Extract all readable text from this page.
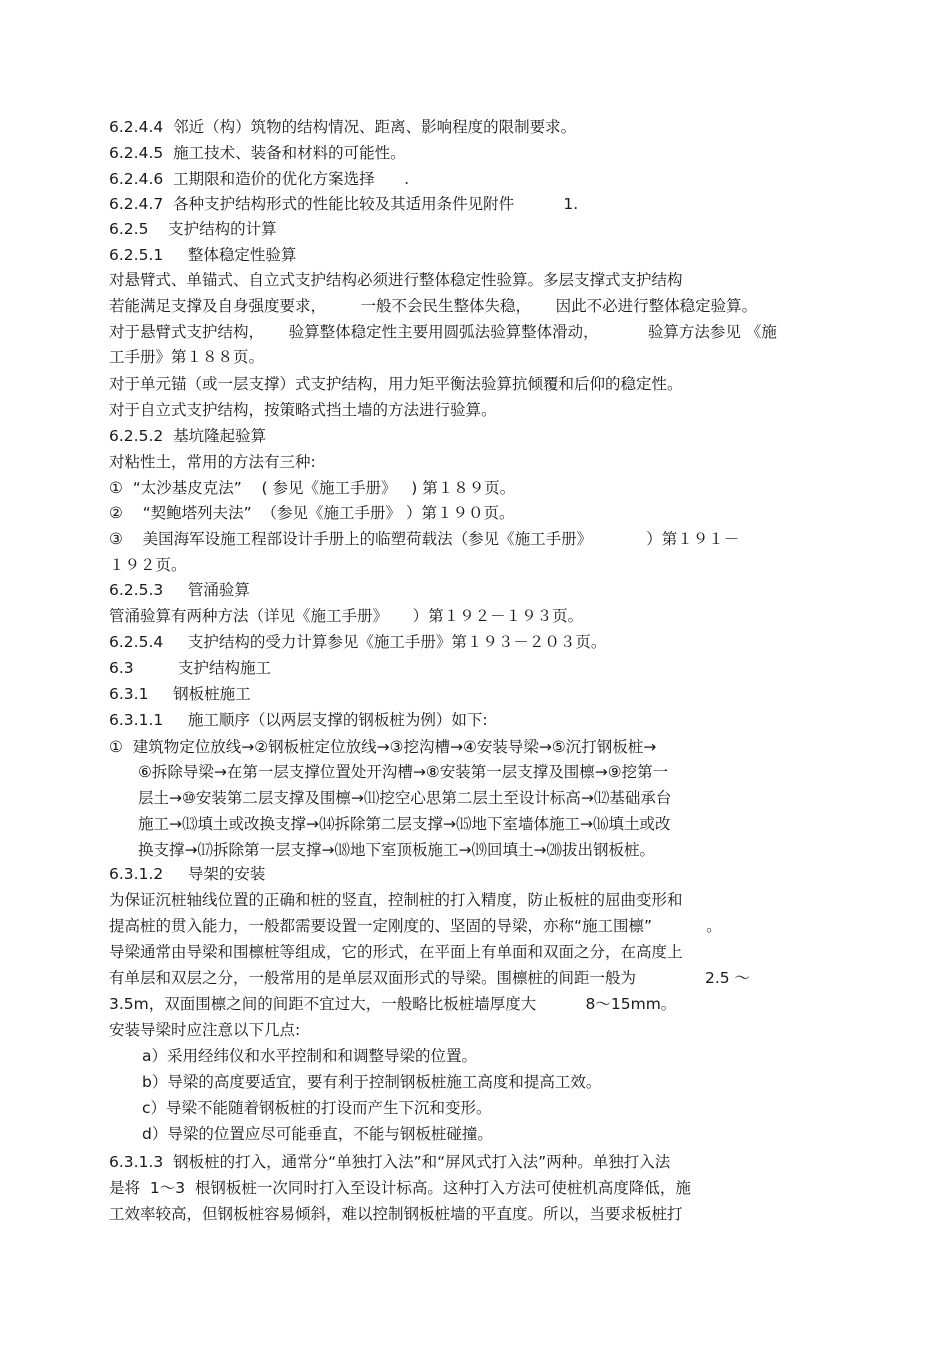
6.2.4.4  邻近（构）筑物的结构情况、距离、影响程度的限制要求。
6.2.4.5  施工技术、装备和材料的可能性。
6.2.4.6  工期限和造价的优化方案选择      .
6.2.4.7  各种支护结构形式的性能比较及其适用条件见附件          1.
6.2.5    支护结构的计算
6.2.5.1     整体稳定性验算
对悬臂式、单锚式、自立式支护结构必须进行整体稳定性验算。多层支撑式支护结构
若能满足支撑及自身强度要求，       一般不会民生整体失稳，     因此不必进行整体稳定验算。
对于悬臂式支护结构，     验算整体稳定性主要用圆弧法验算整体滑动，          验算方法参见 《施
工手册》第１８８页。
对于单元锚（或一层支撑）式支护结构，用力矩平衡法验算抗倾覆和后仰的稳定性。
对于自立式支护结构，按策略式挡土墙的方法进行验算。
6.2.5.2  基坑隆起验算
对粘性土，常用的方法有三种:
①  “太沙基皮克法”    ( 参见《施工手册》   ) 第１８９页。
②    “契鲍塔列夫法”  （参见《施工手册》 ）第１９０页。
③    美国海军设施工程部设计手册上的临塑荷载法（参见《施工手册》           ）第１９１－
１９２页。
6.2.5.3     管涌验算
管涌验算有两种方法（详见《施工手册》     ）第１９２－１９３页。
6.2.5.4     支护结构的受力计算参见《施工手册》第１９３－２０３页。
6.3         支护结构施工
6.3.1     钢板桩施工
6.3.1.1     施工顺序（以两层支撑的钢板桩为例）如下:
①  建筑物定位放线→②钢板桩定位放线→③挖沟槽→④安装导梁→⑤沉打钢板桩→
⑥拆除导梁→在第一层支撑位置处开沟槽→⑧安装第一层支撑及围檩→⑨挖第一
层土→⑩安装第二层支撑及围檩→⑾挖空心思第二层土至设计标高→⑿基础承台
施工→⒀填土或改换支撑→⒁拆除第二层支撑→⒂地下室墙体施工→⒃填土或改
换支撑→⒄拆除第一层支撑→⒅地下室顶板施工→⒆回填土→⒇拔出钢板桩。
6.3.1.2     导架的安装
为保证沉桩轴线位置的正确和桩的竖直，控制桩的打入精度，防止板桩的屈曲变形和
提高桩的贯入能力，一般都需要设置一定刚度的、坚固的导梁，亦称“施工围檩”           。
导梁通常由导梁和围檩桩等组成，它的形式，在平面上有单面和双面之分，在高度上
有单层和双层之分，一般常用的是单层双面形式的导梁。围檩桩的间距一般为              2.5 ～
3.5m，双面围檩之间的间距不宜过大，一般略比板桩墙厚度大          8～15mm。
安装导梁时应注意以下几点:
a）采用经纬仪和水平控制和和调整导梁的位置。
b）导梁的高度要适宜，要有利于控制钢板桩施工高度和提高工效。
c）导梁不能随着钢板桩的打设而产生下沉和变形。
d）导梁的位置应尽可能垂直，不能与钢板桩碰撞。
6.3.1.3  钢板桩的打入，通常分“单独打入法”和“屏风式打入法”两种。单独打入法
是将  1～3  根钢板桩一次同时打入至设计标高。这种打入方法可使桩机高度降低，施
工效率较高，但钢板桩容易倾斜，难以控制钢板桩墙的平直度。所以，当要求板桩打
